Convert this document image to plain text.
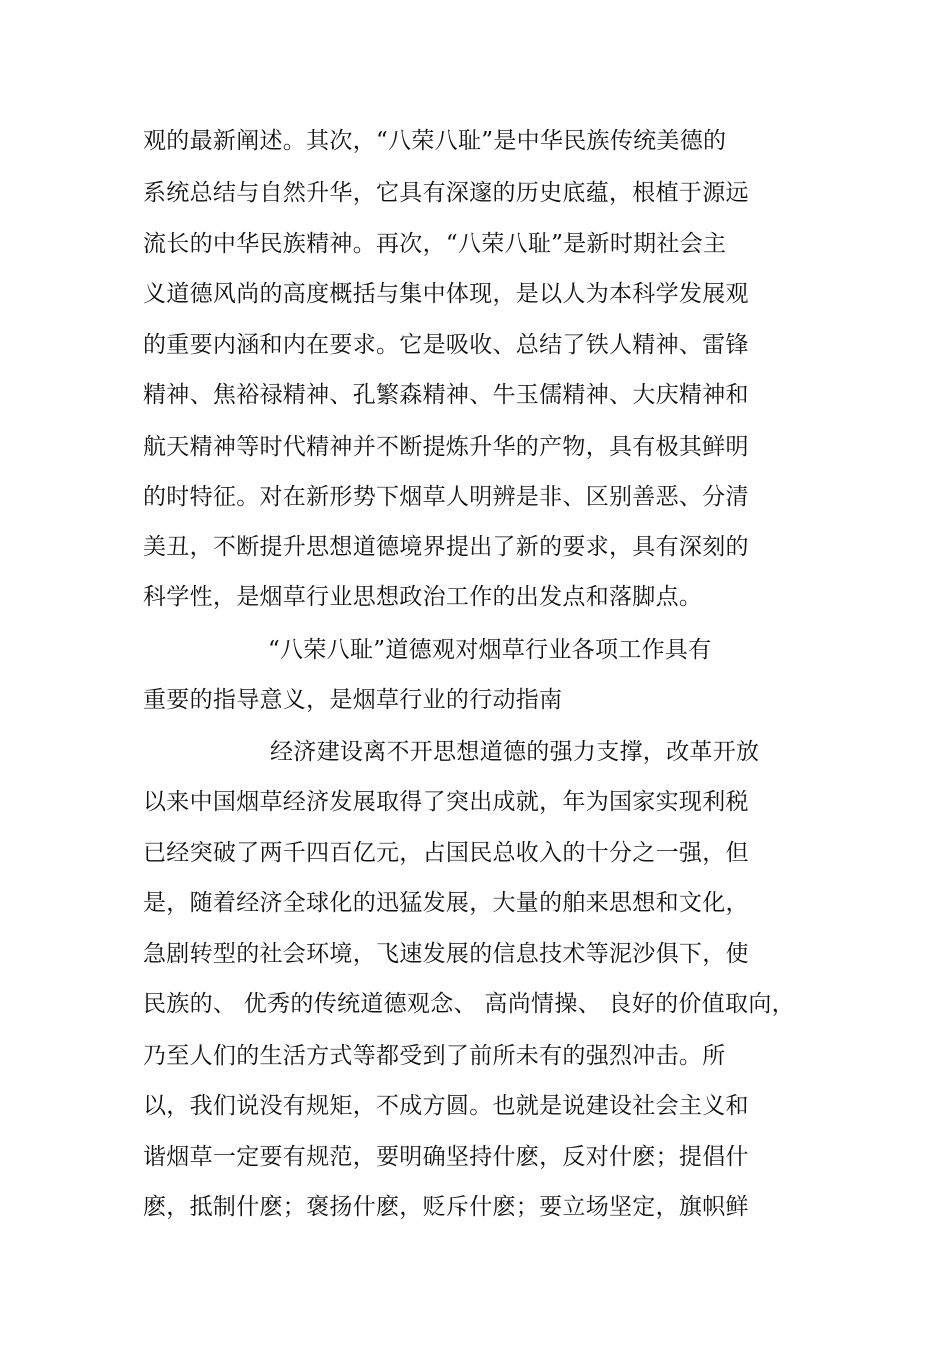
观的最新阐述。其次，“八荣八耻”是中华民族传统美德的
系统总结与自然升华，它具有深邃的历史底蕴，根植于源远
流长的中华民族精神。再次，“八荣八耻”是新时期社会主
义道德风尚的高度概括与集中体现，是以人为本科学发展观
的重要内涵和内在要求。它是吸收、总结了铁人精神、雷锋
精神、焦裕禄精神、孔繁森精神、牛玉儒精神、大庆精神和
航天精神等时代精神并不断提炼升华的产物，具有极其鲜明
的时特征。对在新形势下烟草人明辨是非、区别善恶、分清
美丑，不断提升思想道德境界提出了新的要求，具有深刻的
科学性，是烟草行业思想政治工作的出发点和落脚点。
“八荣八耻”道德观对烟草行业各项工作具有
重要的指导意义，是烟草行业的行动指南
经济建设离不开思想道德的强力支撑，改革开放
以来中国烟草经济发展取得了突出成就，年为国家实现利税
已经突破了两千四百亿元，占国民总收入的十分之一强，但
是，随着经济全球化的迅猛发展，大量的舶来思想和文化，
急剧转型的社会环境，飞速发展的信息技术等泥沙俱下，使
民族的、 优秀的传统道德观念、 高尚情操、 良好的价值取向，
乃至人们的生活方式等都受到了前所未有的强烈冲击。所
以，我们说没有规矩，不成方圆。也就是说建设社会主义和
谐烟草一定要有规范，要明确坚持什麽，反对什麽；提倡什
麽，抵制什麽；褒扬什麽，贬斥什麽；要立场坚定，旗帜鲜
